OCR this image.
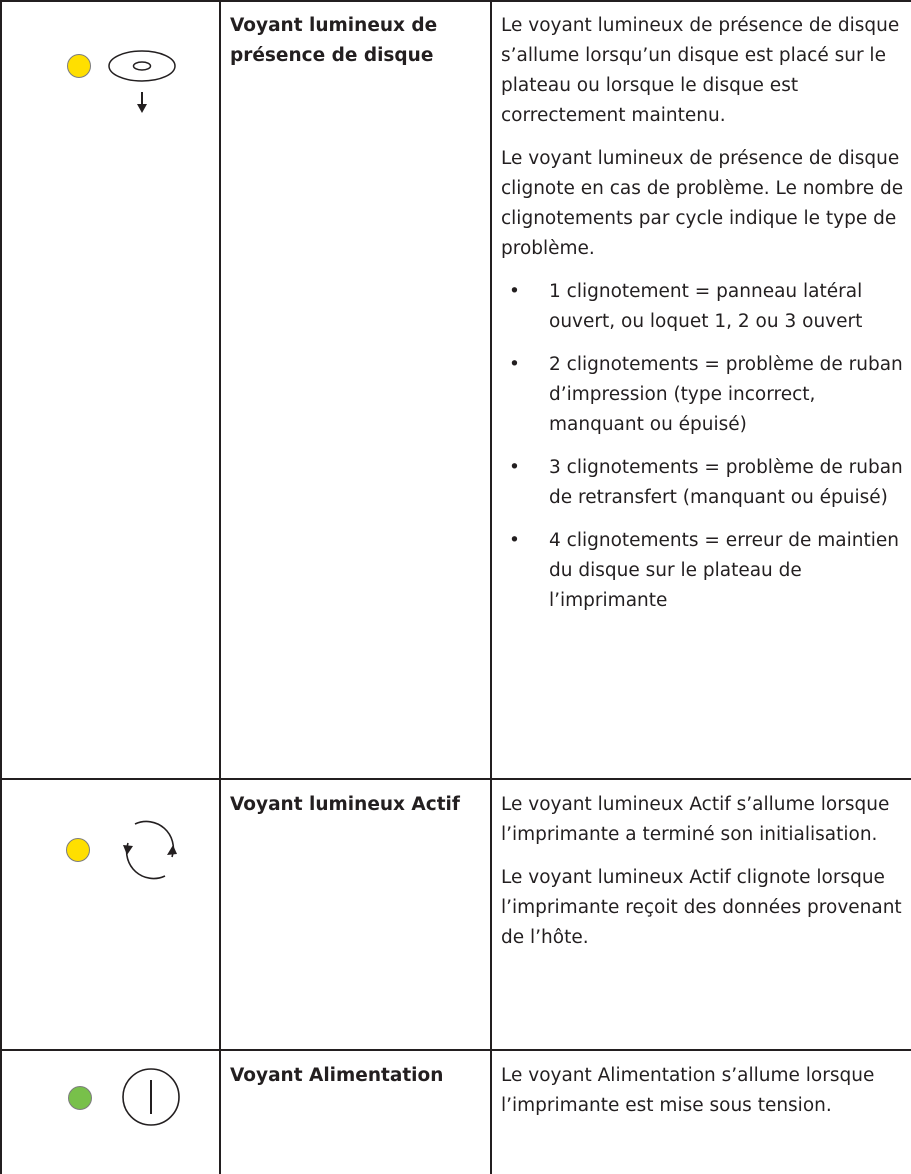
Voyant lumineux de présence de disque

Le voyant lumineux de présence de disque s’allume lorsqu’un disque est placé sur le plateau ou lorsque le disque est correctement maintenu.

Le voyant lumineux de présence de disque clignote en cas de problème. Le nombre de clignotements par cycle indique le type de problème.

• 1 clignotement = panneau latéral ouvert, ou loquet 1, 2 ou 3 ouvert
• 2 clignotements = problème de ruban d’impression (type incorrect, manquant ou épuisé)
• 3 clignotements = problème de ruban de retransfert (manquant ou épuisé)
• 4 clignotements = erreur de maintien du disque sur le plateau de l’imprimante
Voyant lumineux Actif	Le voyant lumineux Actif s’allume lorsque l’imprimante a terminé son initialisation.

Le voyant lumineux Actif clignote lorsque l’imprimante reçoit des données provenant de l’hôte.

Voyant Alimentation	Le voyant Alimentation s’allume lorsque l’imprimante est mise sous tension.
